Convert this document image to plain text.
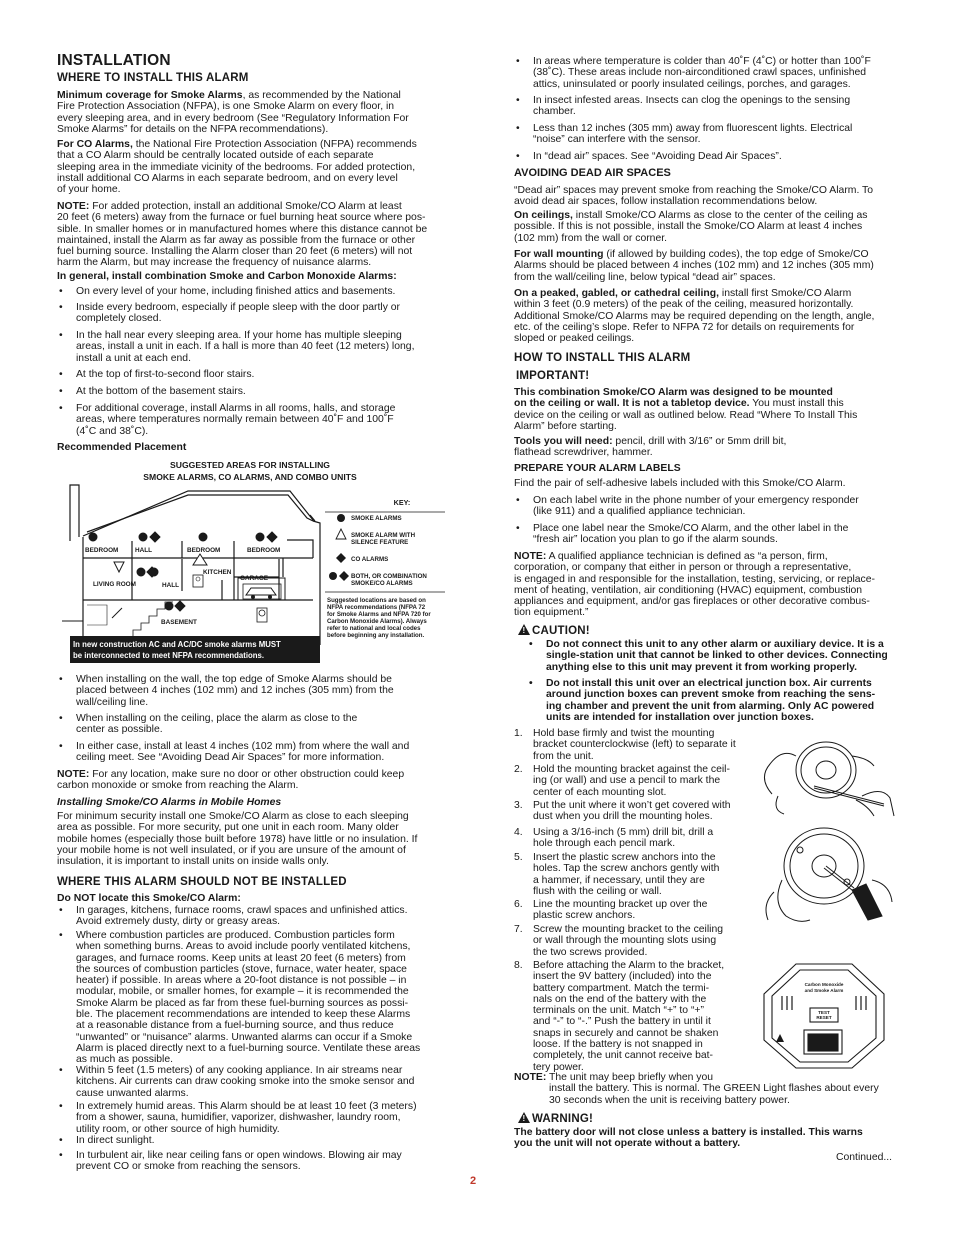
INSTALLATION
WHERE TO INSTALL THIS ALARM
Minimum coverage for Smoke Alarms, as recommended by the National
Fire Protection Association (NFPA), is one Smoke Alarm on every floor, in
every sleeping area, and in every bedroom (See “Regulatory Information For
Smoke Alarms” for details on the NFPA recommendations).
For CO Alarms, the National Fire Protection Association (NFPA) recommends
that a CO Alarm should be centrally located outside of each separate
sleeping area in the immediate vicinity of the bedrooms. For added protection,
install additional CO Alarms in each separate bedroom, and on every level
of your home.
NOTE: For added protection, install an additional Smoke/CO Alarm at least
20 feet (6 meters) away from the furnace or fuel burning heat source where pos-
sible. In smaller homes or in manufactured homes where this distance cannot be
maintained, install the Alarm as far away as possible from the furnace or other
fuel burning source. Installing the Alarm closer than 20 feet (6 meters) will not
harm the Alarm, but may increase the frequency of nuisance alarms.
In general, install combination Smoke and Carbon Monoxide Alarms:
• On every level of your home, including finished attics and basements.
• Inside every bedroom, especially if people sleep with the door partly or
completely closed.
• In the hall near every sleeping area. If your home has multiple sleeping
areas, install a unit in each. If a hall is more than 40 feet (12 meters) long,
install a unit at each end.
• At the top of first-to-second floor stairs.
• At the bottom of the basement stairs.
• For additional coverage, install Alarms in all rooms, halls, and storage
areas, where temperatures normally remain between 40˚F and 100˚F
(4˚C and 38˚C).
Recommended Placement
SUGGESTED AREAS FOR INSTALLING
SMOKE ALARMS, CO ALARMS, AND COMBO UNITS
In new construction AC and AC/DC smoke alarms MUST
be interconnected to meet NFPA recommendations.
BEDROOM	HALL	BEDROOM	BEDROOM
LIVING ROOM	HALL
KITCHEN
GARAGE
BASEMENT
KEY:
SMOKE ALARMS
SMOKE ALARM WITH
SILENCE FEATURE
CO ALARMS
BOTH, OR COMBINATION
SMOKE/CO ALARMS
Suggested locations are based on
NFPA recommendations (NFPA 72
for Smoke Alarms and NFPA 720 for
Carbon Monoxide Alarms). Always
refer to national and local codes
before beginning any installation.
• When installing on the wall, the top edge of Smoke Alarms should be
placed between 4 inches (102 mm) and 12 inches (305 mm) from the
wall/ceiling line.
• When installing on the ceiling, place the alarm as close to the
center as possible.
• In either case, install at least 4 inches (102 mm) from where the wall and
ceiling meet. See “Avoiding Dead Air Spaces” for more information.
NOTE: For any location, make sure no door or other obstruction could keep
carbon monoxide or smoke from reaching the Alarm.
Installing Smoke/CO Alarms in Mobile Homes
For minimum security install one Smoke/CO Alarm as close to each sleeping
area as possible. For more security, put one unit in each room. Many older
mobile homes (especially those built before 1978) have little or no insulation. If
your mobile home is not well insulated, or if you are unsure of the amount of
insulation, it is important to install units on inside walls only.
WHERE THIS ALARM SHOULD NOT BE INSTALLED
Do NOT locate this Smoke/CO Alarm:
• In garages, kitchens, furnace rooms, crawl spaces and unfinished attics.
Avoid extremely dusty, dirty or greasy areas.
• Where combustion particles are produced. Combustion particles form
when something burns. Areas to avoid include poorly ventilated kitchens,
garages, and furnace rooms. Keep units at least 20 feet (6 meters) from
the sources of combustion particles (stove, furnace, water heater, space
heater) if possible. In areas where a 20-foot distance is not possible – in
modular, mobile, or smaller homes, for example – it is recommended the
Smoke Alarm be placed as far from these fuel-burning sources as possi-
ble. The placement recommendations are intended to keep these Alarms
at a reasonable distance from a fuel-burning source, and thus reduce
“unwanted” or “nuisance” alarms. Unwanted alarms can occur if a Smoke
Alarm is placed directly next to a fuel-burning source. Ventilate these areas
as much as possible.
• Within 5 feet (1.5 meters) of any cooking appliance. In air streams near
kitchens. Air currents can draw cooking smoke into the smoke sensor and
cause unwanted alarms.
• In extremely humid areas. This Alarm should be at least 10 feet (3 meters)
from a shower, sauna, humidifier, vaporizer, dishwasher, laundry room,
utility room, or other source of high humidity.
• In direct sunlight.
• In turbulent air, like near ceiling fans or open windows. Blowing air may
prevent CO or smoke from reaching the sensors.
• In areas where temperature is colder than 40˚F (4˚C) or hotter than 100˚F
(38˚C). These areas include non-airconditioned crawl spaces, unfinished
attics, uninsulated or poorly insulated ceilings, porches, and garages.
• In insect infested areas. Insects can clog the openings to the sensing
chamber.
• Less than 12 inches (305 mm) away from fluorescent lights. Electrical
“noise” can interfere with the sensor.
• In “dead air” spaces. See “Avoiding Dead Air Spaces”.
AVOIDING DEAD AIR SPACES
“Dead air” spaces may prevent smoke from reaching the Smoke/CO Alarm. To
avoid dead air spaces, follow installation recommendations below.
On ceilings, install Smoke/CO Alarms as close to the center of the ceiling as
possible. If this is not possible, install the Smoke/CO Alarm at least 4 inches
(102 mm) from the wall or corner.
For wall mounting (if allowed by building codes), the top edge of Smoke/CO
Alarms should be placed between 4 inches (102 mm) and 12 inches (305 mm)
from the wall/ceiling line, below typical “dead air” spaces.
On a peaked, gabled, or cathedral ceiling, install first Smoke/CO Alarm
within 3 feet (0.9 meters) of the peak of the ceiling, measured horizontally.
Additional Smoke/CO Alarms may be required depending on the length, angle,
etc. of the ceiling’s slope. Refer to NFPA 72 for details on requirements for
sloped or peaked ceilings.
HOW TO INSTALL THIS ALARM
IMPORTANT!
This combination Smoke/CO Alarm was designed to be mounted
on the ceiling or wall. It is not a tabletop device. You must install this
device on the ceiling or wall as outlined below. Read “Where To Install This
Alarm” before starting.
Tools you will need: pencil, drill with 3/16” or 5mm drill bit,
flathead screwdriver, hammer.
PREPARE YOUR ALARM LABELS
Find the pair of self-adhesive labels included with this Smoke/CO Alarm.
• On each label write in the phone number of your emergency responder
(like 911) and a qualified appliance technician.
• Place one label near the Smoke/CO Alarm, and the other label in the
“fresh air” location you plan to go if the alarm sounds.
NOTE: A qualified appliance technician is defined as “a person, firm,
corporation, or company that either in person or through a representative,
is engaged in and responsible for the installation, testing, servicing, or replace-
ment of heating, ventilation, air conditioning (HVAC) equipment, combustion
appliances and equipment, and/or gas fireplaces or other decorative combus-
tion equipment.”
!CAUTION!
• Do not connect this unit to any other alarm or auxiliary device. It is a
single-station unit that cannot be linked to other devices. Connecting
anything else to this unit may prevent it from working properly.
• Do not install this unit over an electrical junction box. Air currents
around junction boxes can prevent smoke from reaching the sens-
ing chamber and prevent the unit from alarming. Only AC powered
units are intended for installation over junction boxes.
1. Hold base firmly and twist the mounting
bracket counterclockwise (left) to separate it
from the unit.
2. Hold the mounting bracket against the ceil-
ing (or wall) and use a pencil to mark the
center of each mounting slot.
3. Put the unit where it won’t get covered with
dust when you drill the mounting holes.
4. Using a 3/16-inch (5 mm) drill bit, drill a
hole through each pencil mark.
5. Insert the plastic screw anchors into the
holes. Tap the screw anchors gently with
a hammer, if necessary, until they are
flush with the ceiling or wall.
6. Line the mounting bracket up over the
plastic screw anchors.
7. Screw the mounting bracket to the ceiling
or wall through the mounting slots using
the two screws provided.
8. Before attaching the Alarm to the bracket,
insert the 9V battery (included) into the
battery compartment. Match the termi-
nals on the end of the battery with the
terminals on the unit. Match “+” to “+”
and “-” to “-.” Push the battery in until it
snaps in securely and cannot be shaken
loose. If the battery is not snapped in
completely, the unit cannot receive bat-
tery power.
NOTE: The unit may beep briefly when you
install the battery. This is normal. The GREEN Light flashes about every
30 seconds when the unit is receiving battery power.
!WARNING!
The battery door will not close unless a battery is installed. This warns
you the unit will not operate without a battery.
Continued...
Carbon Monoxide
and Smoke Alarm
TEST
RESET
2
